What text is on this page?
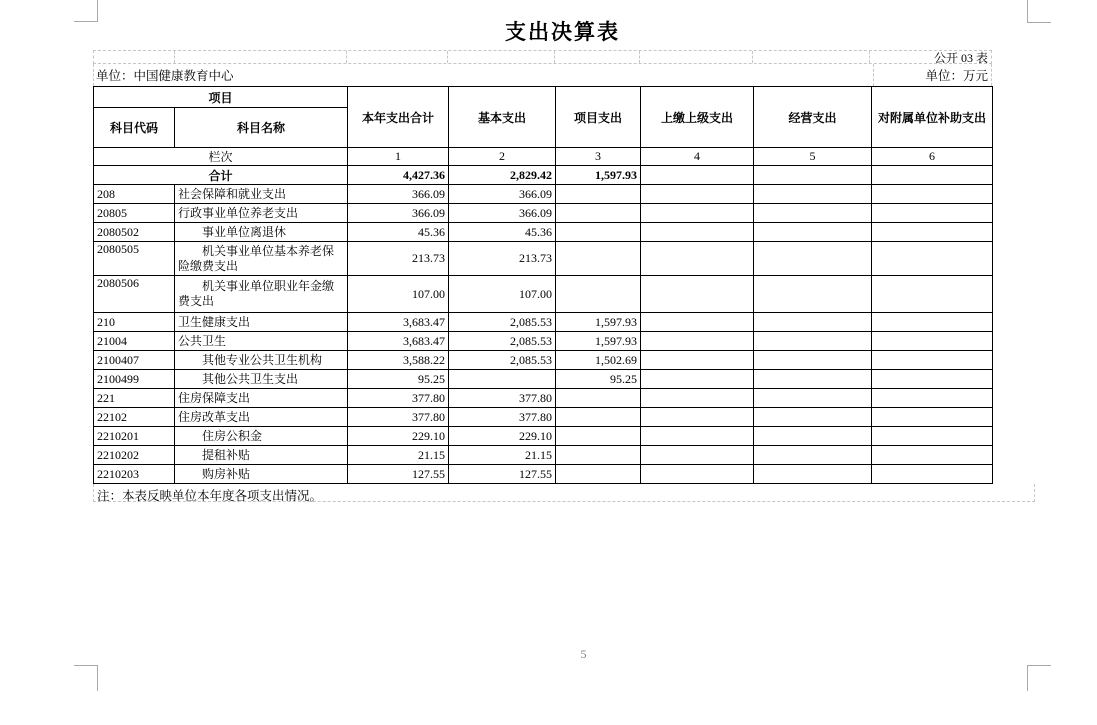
支出决算表
公开 03 表
单位：中国健康教育中心	单位：万元
项目		本年支出合计	基本支出	项目支出	上缴上级支出	经营支出	对附属单位补助支出
科目代码	科目名称						
栏次		1	2	3	4	5	6
合计		4,427.36	2,829.42	1,597.93			
208	社会保障和就业支出	366.09	366.09				
20805	行政事业单位养老支出	366.09	366.09				
2080502	事业单位离退休	45.36	45.36				
2080505	机关事业单位基本养老保险缴费支出	213.73	213.73				
2080506	机关事业单位职业年金缴费支出	107.00	107.00				
210	卫生健康支出	3,683.47	2,085.53	1,597.93			
21004	公共卫生	3,683.47	2,085.53	1,597.93			
2100407	其他专业公共卫生机构	3,588.22	2,085.53	1,502.69			
2100499	其他公共卫生支出	95.25		95.25			
221	住房保障支出	377.80	377.80				
22102	住房改革支出	377.80	377.80				
2210201	住房公积金	229.10	229.10				
2210202	提租补贴	21.15	21.15				
2210203	购房补贴	127.55	127.55				
注：本表反映单位本年度各项支出情况。
5
